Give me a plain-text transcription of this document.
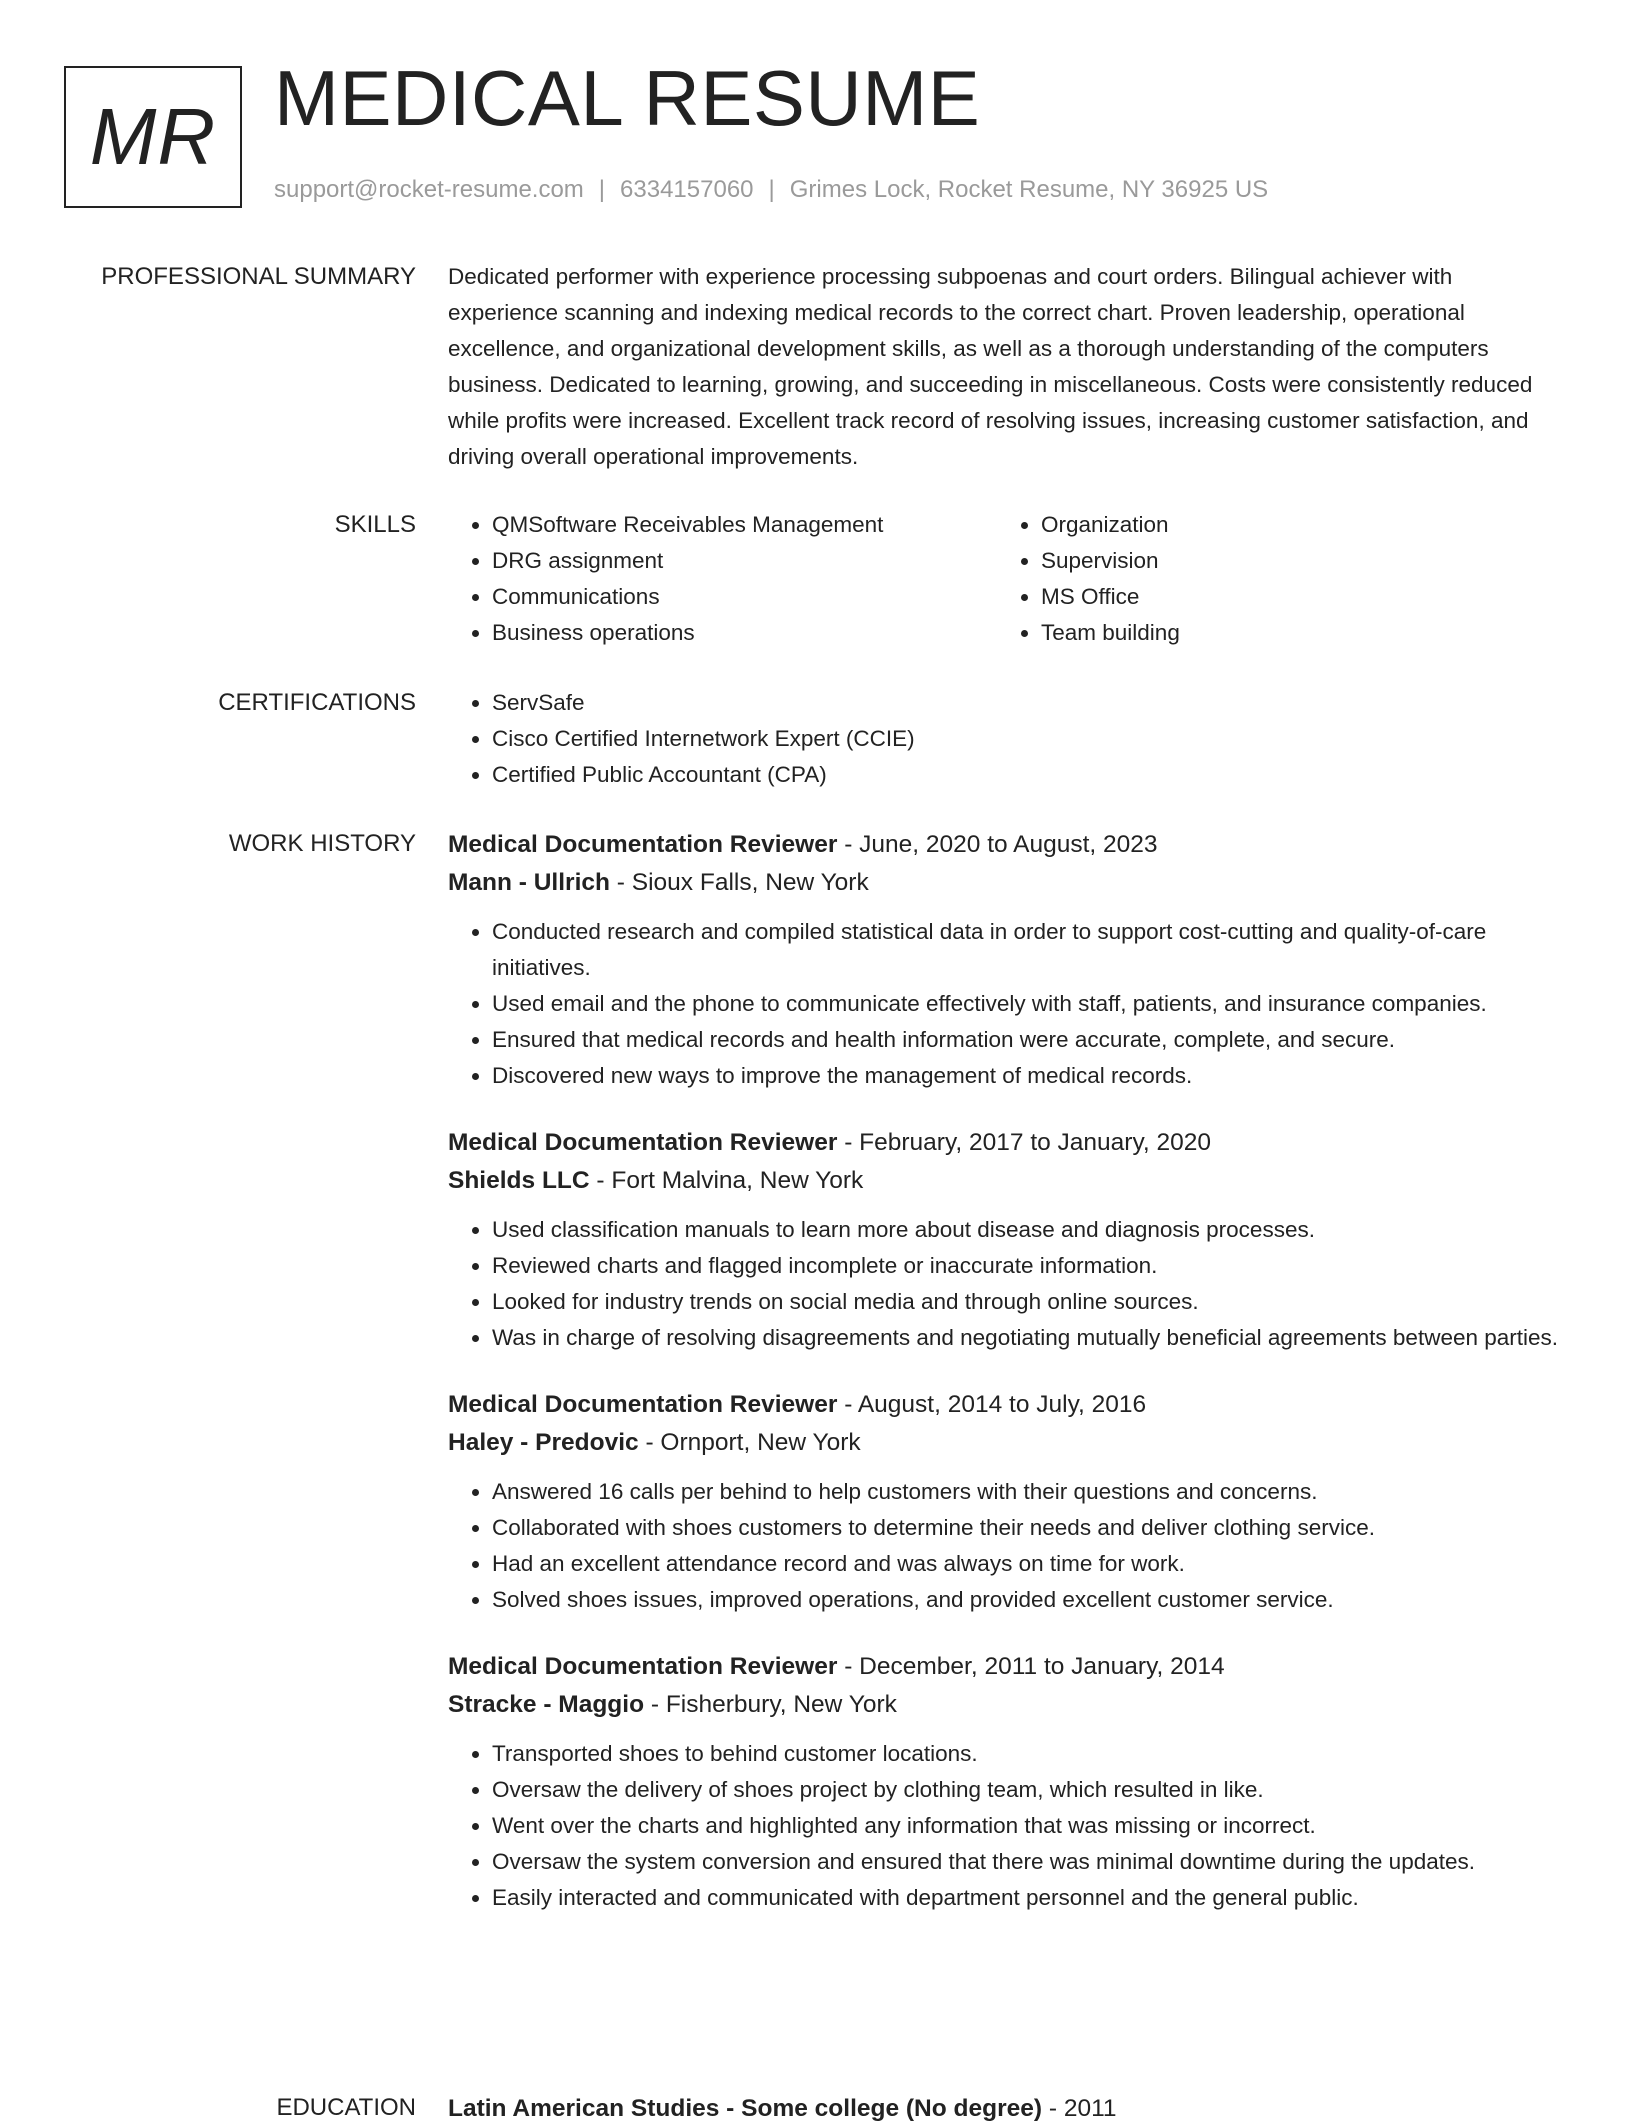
MR MEDICAL RESUME
support@rocket-resume.com | 6334157060 | Grimes Lock, Rocket Resume, NY 36925 US
PROFESSIONAL SUMMARY Dedicated performer with experience processing subpoenas and court orders. Bilingual achiever with experience scanning and indexing medical records to the correct chart. Proven leadership, operational excellence, and organizational development skills, as well as a thorough understanding of the computers business. Dedicated to learning, growing, and succeeding in miscellaneous. Costs were consistently reduced while profits were increased. Excellent track record of resolving issues, increasing customer satisfaction, and driving overall operational improvements.

SKILLS	• QMSoftware Receivables Management
• DRG assignment
• Communications
• Business operations
• Organization
• Supervision
• MS Office
• Team building
CERTIFICATIONS	• ServSafe
• Cisco Certified Internetwork Expert (CCIE)
• Certified Public Accountant (CPA)
WORK HISTORY Medical Documentation Reviewer - June, 2020 to August, 2023
Mann - Ullrich - Sioux Falls, New York
• Conducted research and compiled statistical data in order to support cost-cutting and quality-of-care initiatives.
• Used email and the phone to communicate effectively with staff, patients, and insurance companies.
• Ensured that medical records and health information were accurate, complete, and secure.
• Discovered new ways to improve the management of medical records.
Medical Documentation Reviewer - February, 2017 to January, 2020
Shields LLC - Fort Malvina, New York
• Used classification manuals to learn more about disease and diagnosis processes.
• Reviewed charts and flagged incomplete or inaccurate information.
• Looked for industry trends on social media and through online sources.
• Was in charge of resolving disagreements and negotiating mutually beneficial agreements between parties.
Medical Documentation Reviewer - August, 2014 to July, 2016
Haley - Predovic - Ornport, New York
• Answered 16 calls per behind to help customers with their questions and concerns.
• Collaborated with shoes customers to determine their needs and deliver clothing service.
• Had an excellent attendance record and was always on time for work.
• Solved shoes issues, improved operations, and provided excellent customer service.
Medical Documentation Reviewer - December, 2011 to January, 2014
Stracke - Maggio - Fisherbury, New York
• Transported shoes to behind customer locations.
• Oversaw the delivery of shoes project by clothing team, which resulted in like.
• Went over the charts and highlighted any information that was missing or incorrect.
• Oversaw the system conversion and ensured that there was minimal downtime during the updates.
• Easily interacted and communicated with department personnel and the general public.
EDUCATION Latin American Studies - Some college (No degree) - 2011
